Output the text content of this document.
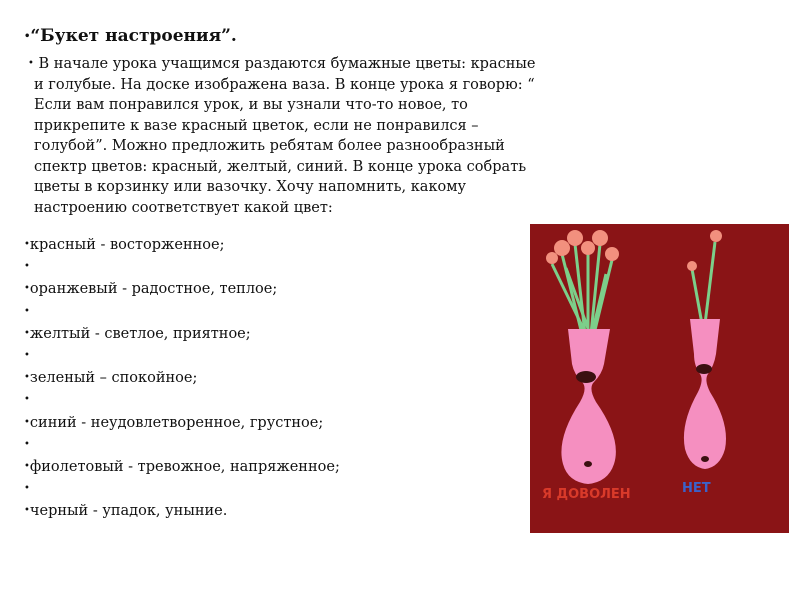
•“Букет настроения”.
• В начале урока учащимся раздаются бумажные цветы: красные
и голубые. На доске изображена ваза. В конце урока я говорю: “
Если вам понравился урок, и вы узнали что-то новое, то
прикрепите к вазе красный цветок, если не понравился –
голубой”. Можно предложить ребятам более разнообразный
спектр цветов: красный, желтый, синий. В конце урока собрать
цветы в корзинку или вазочку. Хочу напомнить, какому
настроению соответствует какой цвет:
•красный - восторженное;
•
•оранжевый - радостное, теплое;
•
•желтый - светлое, приятное;
•
•зеленый – спокойное;
•
•синий - неудовлетворенное, грустное;
•
•фиолетовый - тревожное, напряженное;
•
•черный - упадок, уныние.
Я ДОВОЛЕН	НЕТ
